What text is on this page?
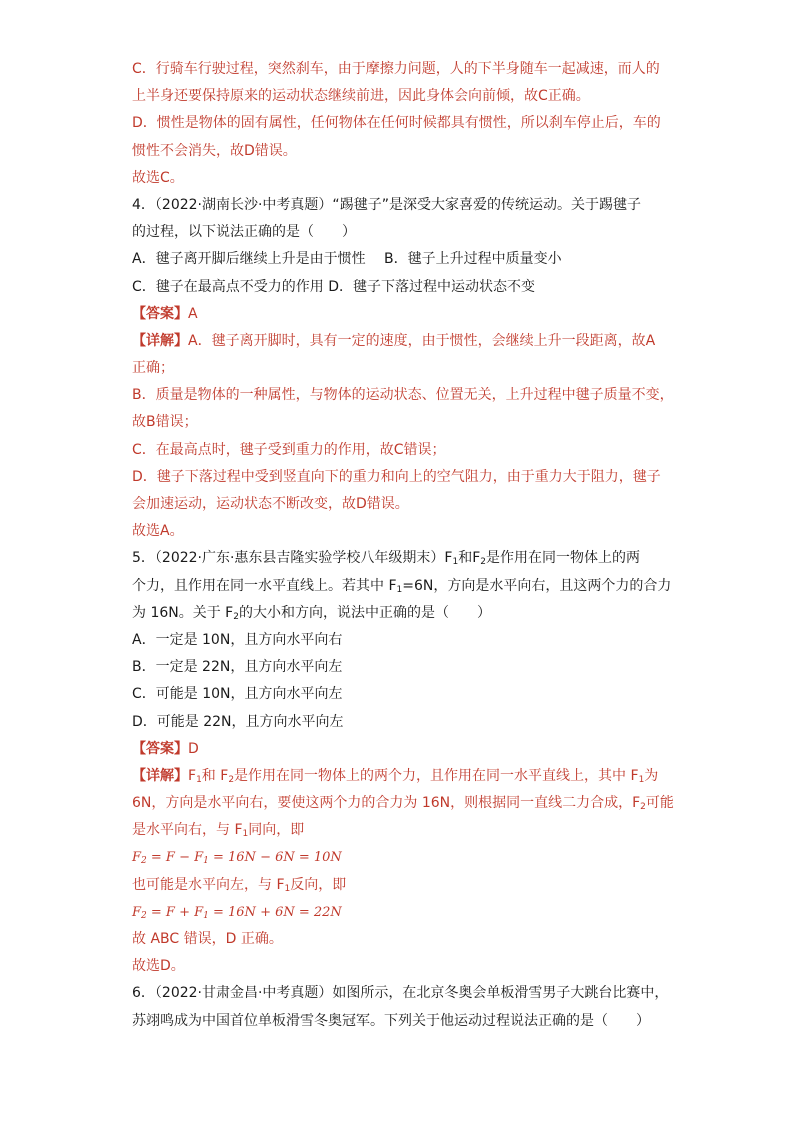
C．行骑车行驶过程，突然刹车，由于摩擦力问题，人的下半身随车一起减速，而人的
上半身还要保持原来的运动状态继续前进，因此身体会向前倾，故C正确。
D．惯性是物体的固有属性，任何物体在任何时候都具有惯性，所以刹车停止后，车的
惯性不会消失，故D错误。
故选C。
4．（2022·湖南长沙·中考真题）“踢毽子”是深受大家喜爱的传统运动。关于踢毽子
的过程，以下说法正确的是（　　）
A．毽子离开脚后继续上升是由于惯性　 B．毽子上升过程中质量变小
C．毽子在最高点不受力的作用 D．毽子下落过程中运动状态不变
【答案】A
【详解】A．毽子离开脚时，具有一定的速度，由于惯性，会继续上升一段距离，故A
正确；
B．质量是物体的一种属性，与物体的运动状态、位置无关，上升过程中毽子质量不变，
故B错误；
C．在最高点时，毽子受到重力的作用，故C错误；
D．毽子下落过程中受到竖直向下的重力和向上的空气阻力，由于重力大于阻力，毽子
会加速运动，运动状态不断改变，故D错误。
故选A。
5．（2022·广东·惠东县吉隆实验学校八年级期末）$F_1$和$F_2$是作用在同一物体上的两
个力，且作用在同一水平直线上。若其中 $F_1=6N$，方向是水平向右，且这两个力的合力
为 16N。关于 $F_2$的大小和方向，说法中正确的是（　　）
A．一定是 10N，且方向水平向右
B．一定是 22N，且方向水平向左
C．可能是 10N，且方向水平向左
D．可能是 22N，且方向水平向左
【答案】D
【详解】$F_1$和 $F_2$是作用在同一物体上的两个力，且作用在同一水平直线上，其中 $F_1$为
6N，方向是水平向右，要使这两个力的合力为 16N，则根据同一直线二力合成，$F_2$可能
是水平向右，与 $F_1$同向，即
$F_2 = F - F_1 = 16N - 6N = 10N$
也可能是水平向左，与 $F_1$反向，即
$F_2 = F + F_1 = 16N + 6N = 22N$
故 ABC 错误，D 正确。
故选D。
6．（2022·甘肃金昌·中考真题）如图所示，在北京冬奥会单板滑雪男子大跳台比赛中，
苏翊鸣成为中国首位单板滑雪冬奥冠军。下列关于他运动过程说法正确的是（　　）
